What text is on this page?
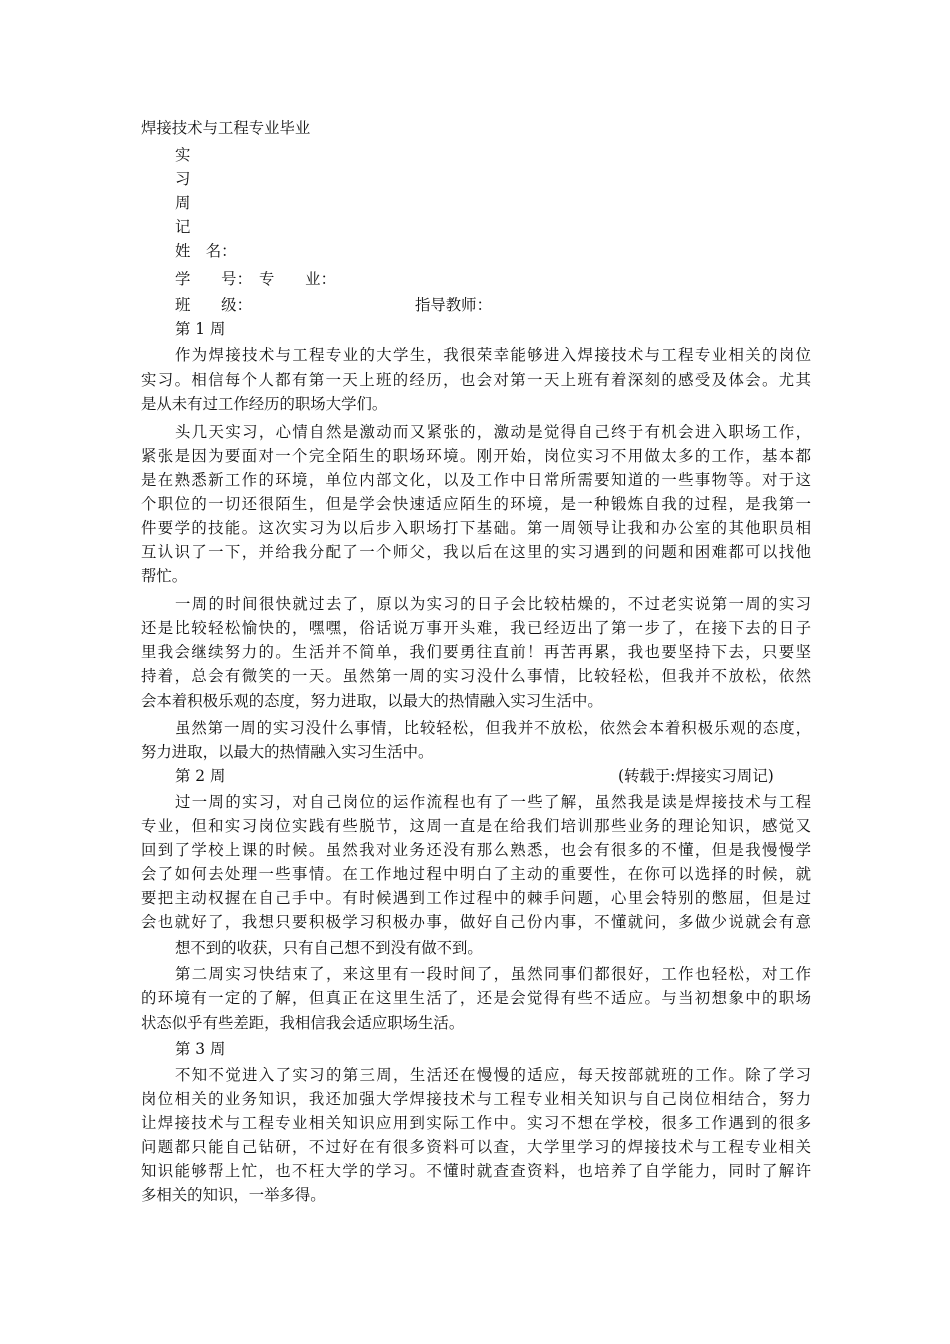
焊接技术与工程专业毕业
实
习
周
记
姓 名：
学　　号： 专　　业：
班　　级：	指导教师：
第 1 周
作为焊接技术与工程专业的大学生，我很荣幸能够进入焊接技术与工程专业相关的岗位
实习。相信每个人都有第一天上班的经历，也会对第一天上班有着深刻的感受及体会。尤其
是从未有过工作经历的职场大学们。
头几天实习，心情自然是激动而又紧张的，激动是觉得自己终于有机会进入职场工作，
紧张是因为要面对一个完全陌生的职场环境。刚开始，岗位实习不用做太多的工作，基本都
是在熟悉新工作的环境，单位内部文化，以及工作中日常所需要知道的一些事物等。对于这
个职位的一切还很陌生，但是学会快速适应陌生的环境，是一种锻炼自我的过程，是我第一
件要学的技能。这次实习为以后步入职场打下基础。第一周领导让我和办公室的其他职员相
互认识了一下，并给我分配了一个师父，我以后在这里的实习遇到的问题和困难都可以找他
帮忙。
一周的时间很快就过去了，原以为实习的日子会比较枯燥的，不过老实说第一周的实习
还是比较轻松愉快的，嘿嘿，俗话说万事开头难，我已经迈出了第一步了，在接下去的日子
里我会继续努力的。生活并不简单，我们要勇往直前！再苦再累，我也要坚持下去，只要坚
持着，总会有微笑的一天。虽然第一周的实习没什么事情，比较轻松，但我并不放松，依然
会本着积极乐观的态度，努力进取，以最大的热情融入实习生活中。
虽然第一周的实习没什么事情，比较轻松，但我并不放松，依然会本着积极乐观的态度，
努力进取，以最大的热情融入实习生活中。
第 2 周	(转载于:焊接实习周记)
过一周的实习，对自己岗位的运作流程也有了一些了解，虽然我是读是焊接技术与工程
专业，但和实习岗位实践有些脱节，这周一直是在给我们培训那些业务的理论知识，感觉又
回到了学校上课的时候。虽然我对业务还没有那么熟悉，也会有很多的不懂，但是我慢慢学
会了如何去处理一些事情。在工作地过程中明白了主动的重要性，在你可以选择的时候，就
要把主动权握在自己手中。有时候遇到工作过程中的棘手问题，心里会特别的憋屈，但是过
会也就好了，我想只要积极学习积极办事，做好自己份内事，不懂就问，多做少说就会有意
想不到的收获，只有自己想不到没有做不到。
第二周实习快结束了，来这里有一段时间了，虽然同事们都很好，工作也轻松，对工作
的环境有一定的了解，但真正在这里生活了，还是会觉得有些不适应。与当初想象中的职场
状态似乎有些差距，我相信我会适应职场生活。
第 3 周
不知不觉进入了实习的第三周，生活还在慢慢的适应，每天按部就班的工作。除了学习
岗位相关的业务知识，我还加强大学焊接技术与工程专业相关知识与自己岗位相结合，努力
让焊接技术与工程专业相关知识应用到实际工作中。实习不想在学校，很多工作遇到的很多
问题都只能自己钻研，不过好在有很多资料可以查，大学里学习的焊接技术与工程专业相关
知识能够帮上忙，也不枉大学的学习。不懂时就查查资料，也培养了自学能力，同时了解许
多相关的知识，一举多得。
